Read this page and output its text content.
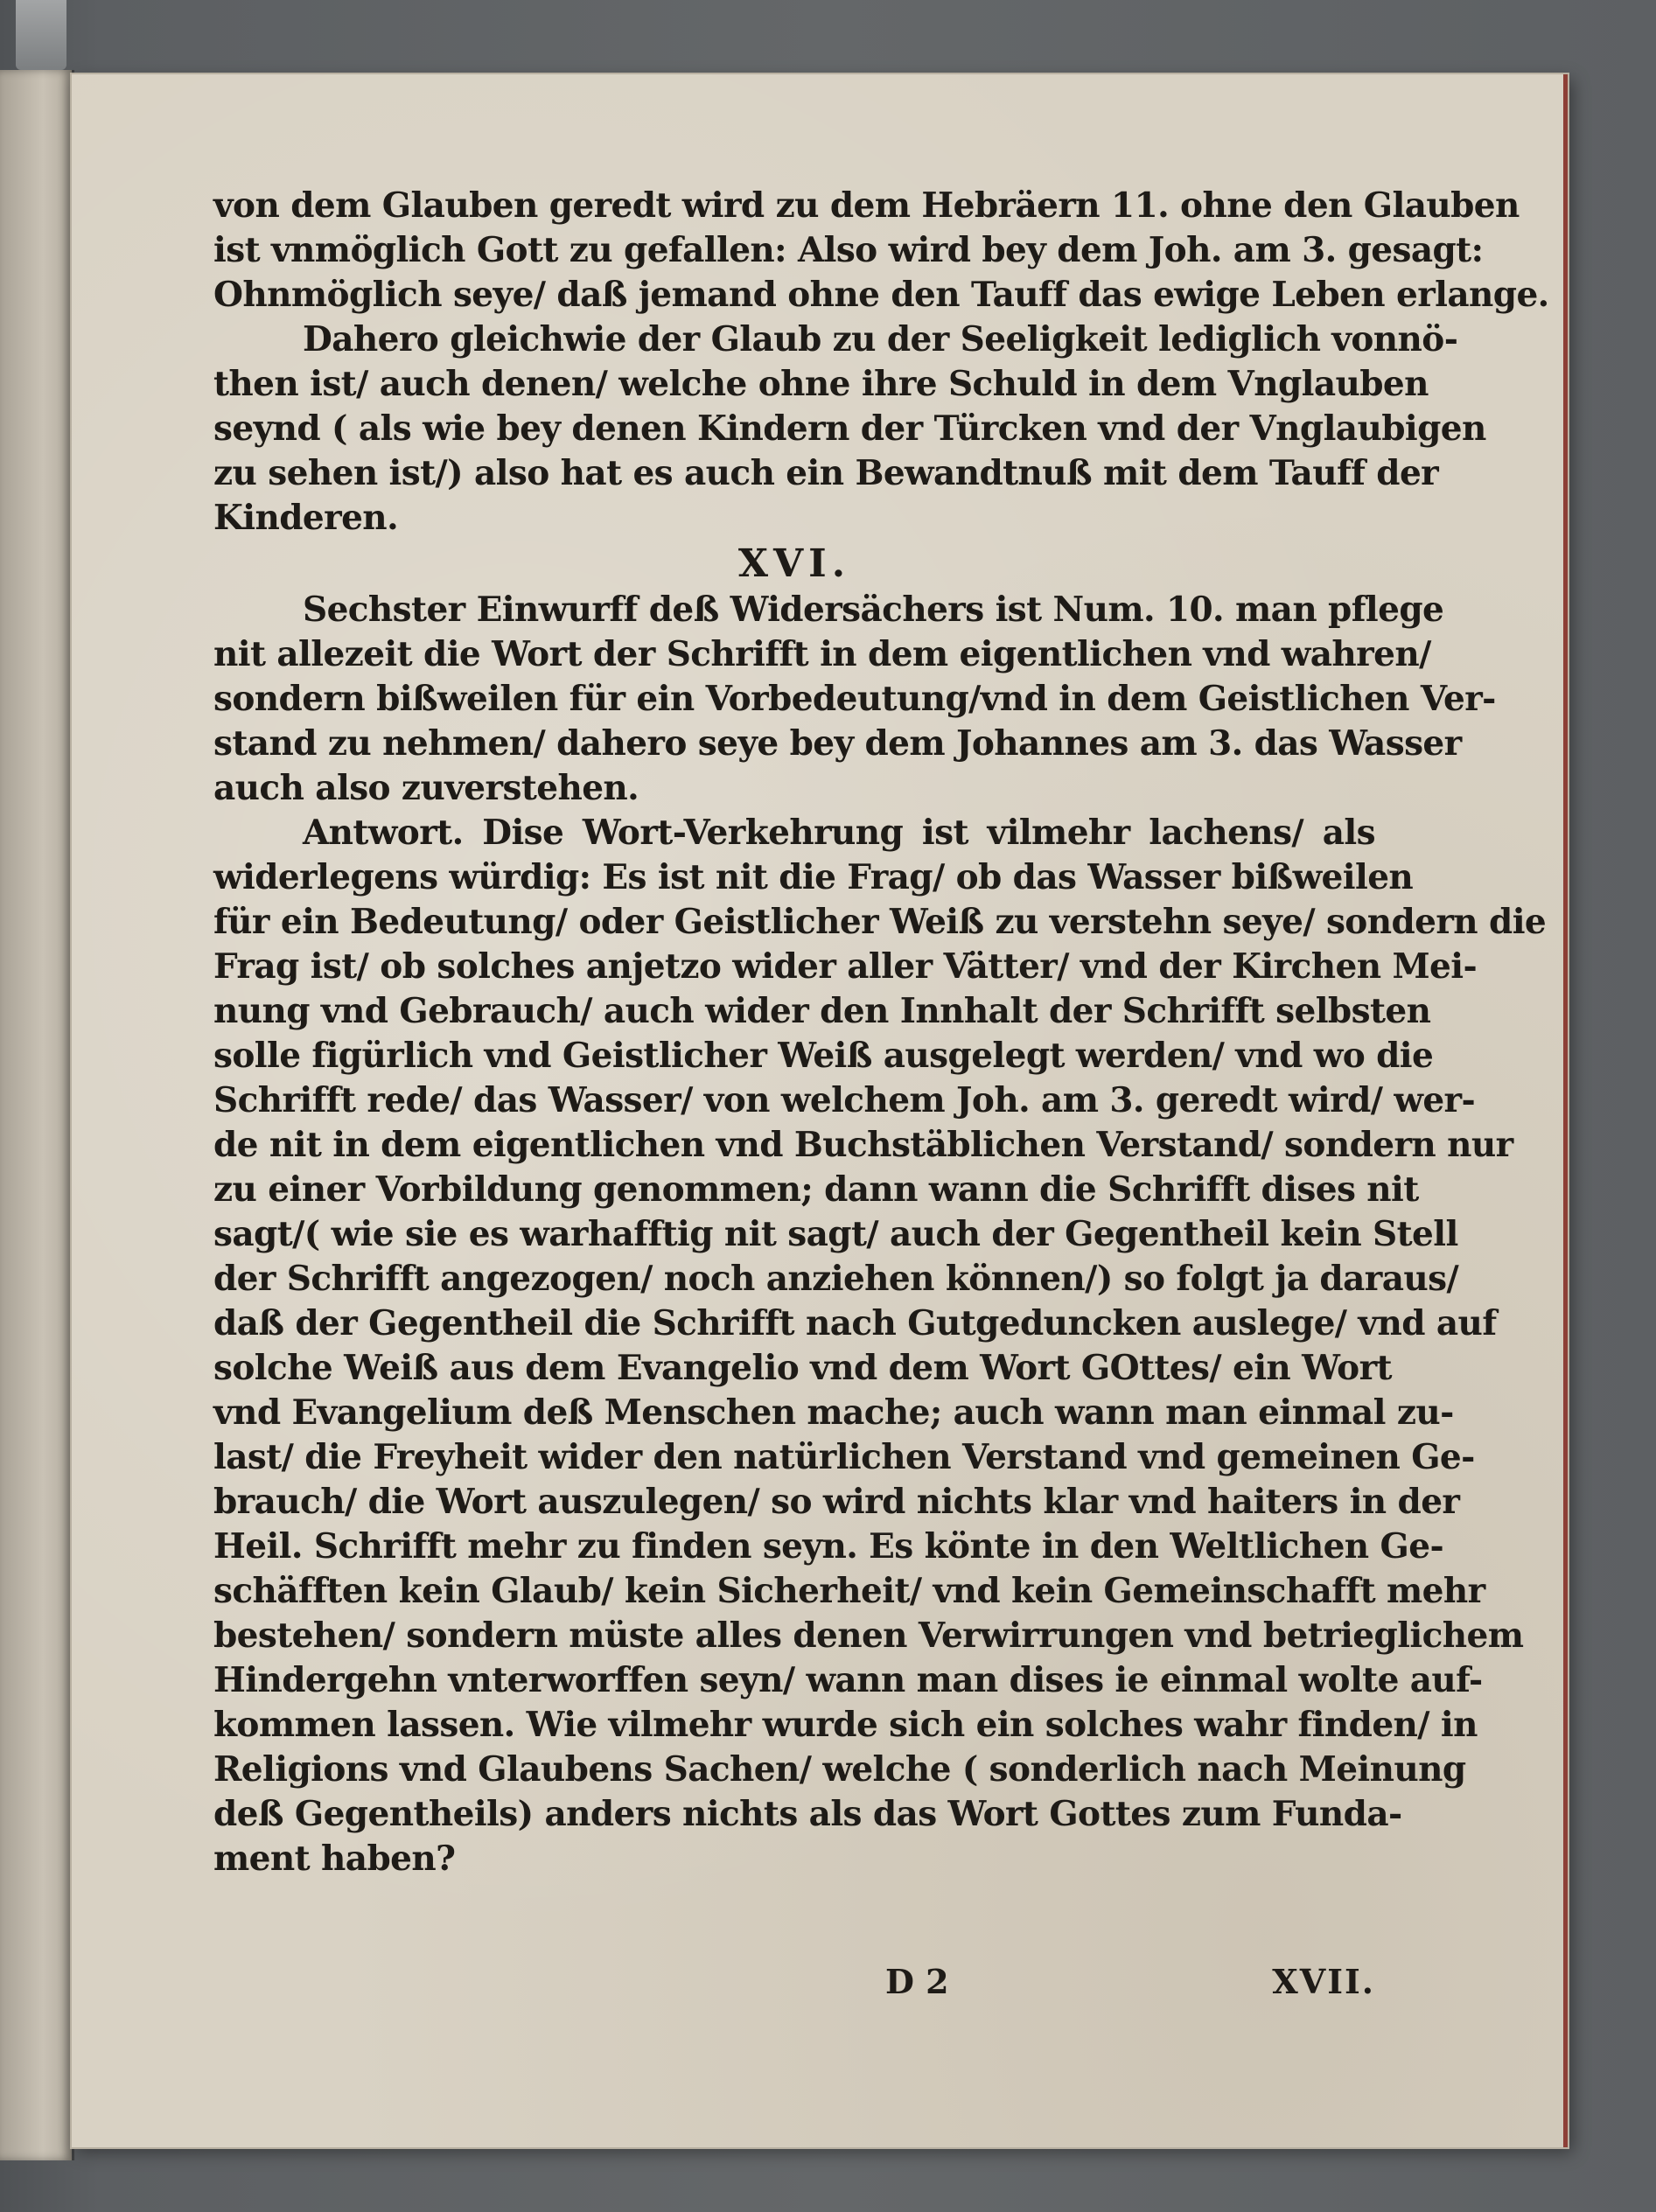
von dem Glauben geredt wird zu dem Hebräern 11. ohne den Glauben
ist vnmöglich Gott zu gefallen: Also wird bey dem Joh. am 3. gesagt:
Ohnmöglich seye/ daß jemand ohne den Tauff das ewige Leben erlange.
Dahero gleichwie der Glaub zu der Seeligkeit lediglich vonnö-
then ist/ auch denen/ welche ohne ihre Schuld in dem Vnglauben
seynd ( als wie bey denen Kindern der Türcken vnd der Vnglaubigen
zu sehen ist/) also hat es auch ein Bewandtnuß mit dem Tauff der
Kinderen.
XVI.
Sechster Einwurff deß Widersächers ist Num. 10. man pflege
nit allezeit die Wort der Schrifft in dem eigentlichen vnd wahren/
sondern bißweilen für ein Vorbedeutung/vnd in dem Geistlichen Ver-
stand zu nehmen/ dahero seye bey dem Johannes am 3. das Wasser
auch also zuverstehen.
Antwort. Dise Wort-Verkehrung ist vilmehr lachens/ als
widerlegens würdig: Es ist nit die Frag/ ob das Wasser bißweilen
für ein Bedeutung/ oder Geistlicher Weiß zu verstehn seye/ sondern die
Frag ist/ ob solches anjetzo wider aller Vätter/ vnd der Kirchen Mei-
nung vnd Gebrauch/ auch wider den Innhalt der Schrifft selbsten
solle figürlich vnd Geistlicher Weiß ausgelegt werden/ vnd wo die
Schrifft rede/ das Wasser/ von welchem Joh. am 3. geredt wird/ wer-
de nit in dem eigentlichen vnd Buchstäblichen Verstand/ sondern nur
zu einer Vorbildung genommen; dann wann die Schrifft dises nit
sagt/( wie sie es warhafftig nit sagt/ auch der Gegentheil kein Stell
der Schrifft angezogen/ noch anziehen können/) so folgt ja daraus/
daß der Gegentheil die Schrifft nach Gutgeduncken auslege/ vnd auf
solche Weiß aus dem Evangelio vnd dem Wort GOttes/ ein Wort
vnd Evangelium deß Menschen mache; auch wann man einmal zu-
last/ die Freyheit wider den natürlichen Verstand vnd gemeinen Ge-
brauch/ die Wort auszulegen/ so wird nichts klar vnd haiters in der
Heil. Schrifft mehr zu finden seyn. Es könte in den Weltlichen Ge-
schäfften kein Glaub/ kein Sicherheit/ vnd kein Gemeinschafft mehr
bestehen/ sondern müste alles denen Verwirrungen vnd betrieglichem
Hindergehn vnterworffen seyn/ wann man dises ie einmal wolte auf-
kommen lassen. Wie vilmehr wurde sich ein solches wahr finden/ in
Religions vnd Glaubens Sachen/ welche ( sonderlich nach Meinung
deß Gegentheils) anders nichts als das Wort Gottes zum Funda-
ment haben?
D 2	XVII.
